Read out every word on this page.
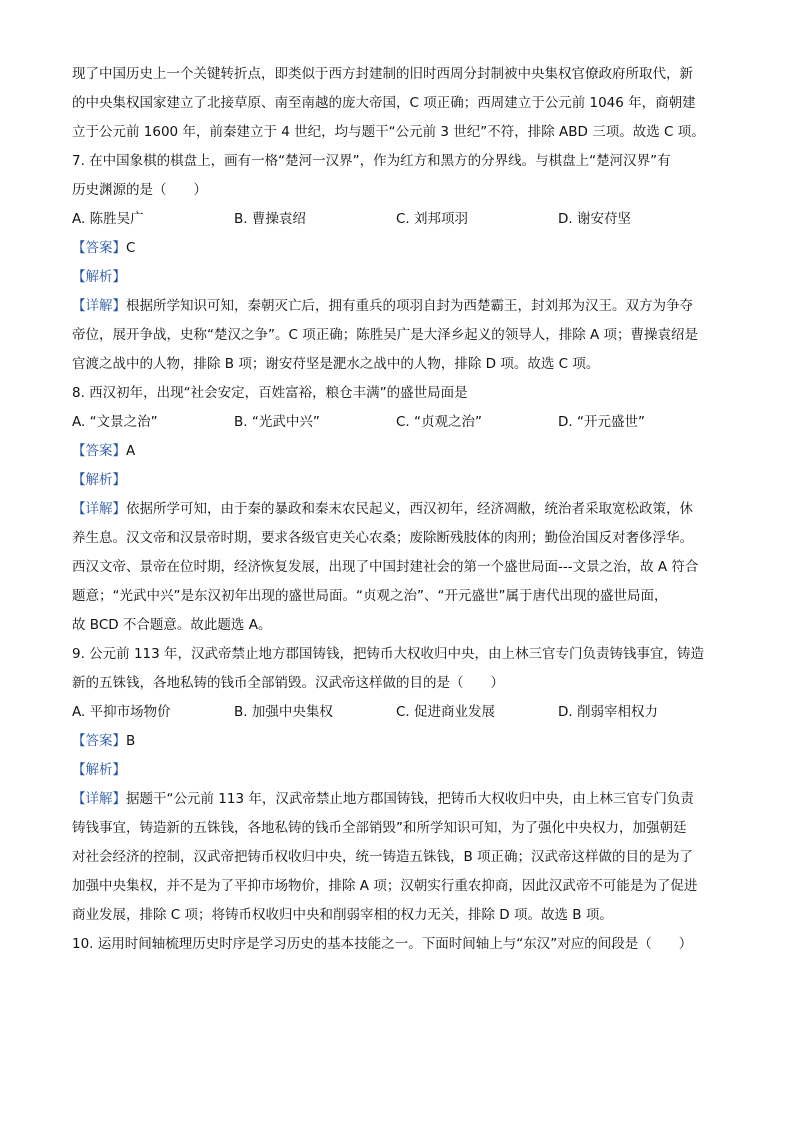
现了中国历史上一个关键转折点，即类似于西方封建制的旧时西周分封制被中央集权官僚政府所取代，新
的中央集权国家建立了北接草原、南至南越的庞大帝国，C 项正确；西周建立于公元前 1046 年，商朝建
立于公元前 1600 年，前秦建立于 4 世纪，均与题干“公元前 3 世纪”不符，排除 ABD 三项。故选 C 项。
7. 在中国象棋的棋盘上，画有一格“楚河一汉界”，作为红方和黑方的分界线。与棋盘上“楚河汉界”有
历史渊源的是（　　）
A. 陈胜吴广	B. 曹操袁绍	C. 刘邦项羽	D. 谢安苻坚
【答案】C
【解析】
【详解】根据所学知识可知，秦朝灭亡后，拥有重兵的项羽自封为西楚霸王，封刘邦为汉王。双方为争夺
帝位，展开争战，史称“楚汉之争”。C 项正确；陈胜吴广是大泽乡起义的领导人，排除 A 项；曹操袁绍是
官渡之战中的人物，排除 B 项；谢安苻坚是淝水之战中的人物，排除 D 项。故选 C 项。
8. 西汉初年，出现“社会安定，百姓富裕，粮仓丰满”的盛世局面是
A. “文景之治”	B. “光武中兴”	C. “贞观之治”	D. “开元盛世”
【答案】A
【解析】
【详解】依据所学可知，由于秦的暴政和秦末农民起义，西汉初年，经济凋敝，统治者采取宽松政策，休
养生息。汉文帝和汉景帝时期，要求各级官吏关心农桑；废除断残肢体的肉刑；勤俭治国反对奢侈浮华。
西汉文帝、景帝在位时期，经济恢复发展，出现了中国封建社会的第一个盛世局面---文景之治，故 A 符合
题意；“光武中兴”是东汉初年出现的盛世局面。“贞观之治”、“开元盛世”属于唐代出现的盛世局面，
故 BCD 不合题意。故此题选 A。
9. 公元前 113 年，汉武帝禁止地方郡国铸钱，把铸币大权收归中央，由上林三官专门负责铸钱事宜，铸造
新的五铢钱，各地私铸的钱币全部销毁。汉武帝这样做的目的是（　　）
A. 平抑市场物价	B. 加强中央集权	C. 促进商业发展	D. 削弱宰相权力
【答案】B
【解析】
【详解】据题干“公元前 113 年，汉武帝禁止地方郡国铸钱，把铸币大权收归中央，由上林三官专门负责
铸钱事宜，铸造新的五铢钱，各地私铸的钱币全部销毁”和所学知识可知，为了强化中央权力，加强朝廷
对社会经济的控制，汉武帝把铸币权收归中央，统一铸造五铢钱，B 项正确；汉武帝这样做的目的是为了
加强中央集权，并不是为了平抑市场物价，排除 A 项；汉朝实行重农抑商，因此汉武帝不可能是为了促进
商业发展，排除 C 项；将铸币权收归中央和削弱宰相的权力无关，排除 D 项。故选 B 项。
10. 运用时间轴梳理历史时序是学习历史的基本技能之一。下面时间轴上与“东汉”对应的间段是（　　）
